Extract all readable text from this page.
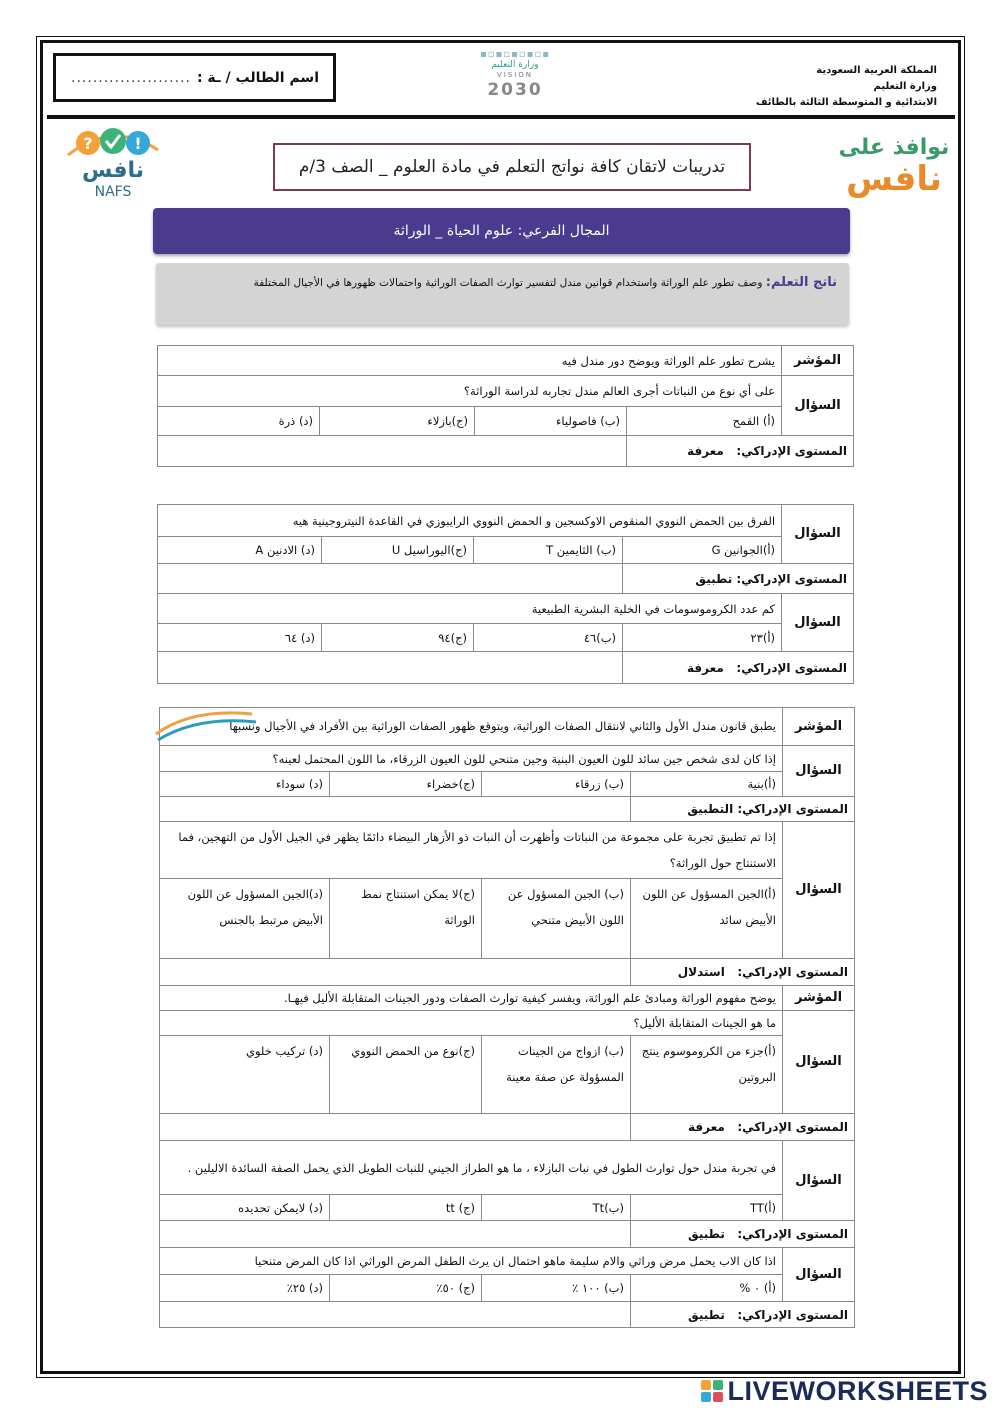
اسم الطالب / ـة :
......................	المملكة العربية السعودية
وزارة التعليم
الابتدائية و المتوسطة الثالثة بالطائف
▪▫▪▫▪▫▪▫▪
وزارة التعليم
VISION
2030
?	!
نافس
NAFS
نوافذ على
نافس
تدريبات لاتقان كافة نواتج التعلم في مادة العلوم _ الصف 3/م
المجال الفرعي: علوم الحياة _ الوراثة
ناتج التعلم: وصف تطور علم الوراثة واستخدام قوانين مندل لتفسير توارث الصفات الوراثية واحتمالات ظهورها في الأجيال المختلفة
المؤشر	يشرح تطور علم الوراثة ويوضح دور مندل فيه			
السؤال	على أي نوع من النباتات أجرى العالم مندل تجاربه لدراسة الوراثة؟			
	(أ) القمح	(ب) فاصولياء	(ج)بازلاء	(د) ذرة
المستوى الإدراكي:   معرفة				
السؤال	الفرق بين الحمض النووي المنقوص الاوكسجين و الحمض النووي الرايبوزي في القاعدة النيتروجينية هيه			
	(أ)الجوانين G	(ب) الثايمين T	(ج)اليوراسيل U	(د) الادنين A
المستوى الإدراكي: تطبيق				
السؤال	كم عدد الكروموسومات في الخلية البشرية الطبيعية			
	(أ)٢٣	(ب)٤٦	(ج)٩٤	(د) ٦٤
المستوى الإدراكي:   معرفة				
المؤشر	يطبق قانون مندل الأول والثاني لانتقال الصفات الوراثية، ويتوقع ظهور الصفات الوراثية بين الأفراد في الأجيال ونسبها			
السؤال	إذا كان لدى شخص جين سائد للون العيون البنية وجين متنحي للون العيون الزرقاء، ما اللون المحتمل لعينه؟			
	(أ)بنية	(ب) زرقاء	(ج)خضراء	(د) سوداء
المستوى الإدراكي: التطبيق				
السؤال	إذا تم تطبيق تجربة على مجموعة من النباتات وأظهرت أن النبات ذو الأزهار البيضاء دائمًا يظهر في الجيل الأول من التهجين، فما الاستنتاج حول الوراثة؟			
	(أ)الجين المسؤول عن اللون الأبيض سائد	(ب) الجين المسؤول عن اللون الأبيض متنحي	(ج)لا يمكن استنتاج نمط الوراثة	(د)الجين المسؤول عن اللون الأبيض مرتبط بالجنس
المستوى الإدراكي:   استدلال				
المؤشر	يوضح مفهوم الوراثة ومبادئ علم الوراثة، ويفسر كيفية توارث الصفات ودور الجينات المتقابلة الأليل فيهـا.			
السؤال	ما هو الجينات المتقابلة الأليل؟			
	(أ)جزء من الكروموسوم ينتج البروتين	(ب) ازواج من الجينات المسؤولة عن صفة معينة	(ج)نوع من الحمض النووي	(د) تركيب خلوي
المستوى الإدراكي:   معرفة				
السؤال	في تجربة مندل حول توارث الطول في نبات البازلاء ، ما هو الطراز الجيني للنبات الطويل الذي يحمل الصفة السائدة الاليلين .			
	(أ)TT	(ب)Tt	(ج) tt	(د) لايمكن تحديده
المستوى الإدراكي:   تطبيق				
السؤال	اذا كان الاب يحمل مرض وراثي والام سليمة ماهو احتمال ان يرث الطفل المرض الوراثي اذا كان المرض متنحيا			
	(أ) ٠ %	(ب) ١٠٠ ٪	(ج) ٥٠٪	(د) ٢٥٪
المستوى الإدراكي:   تطبيق				
LIVEWORKSHEETS
